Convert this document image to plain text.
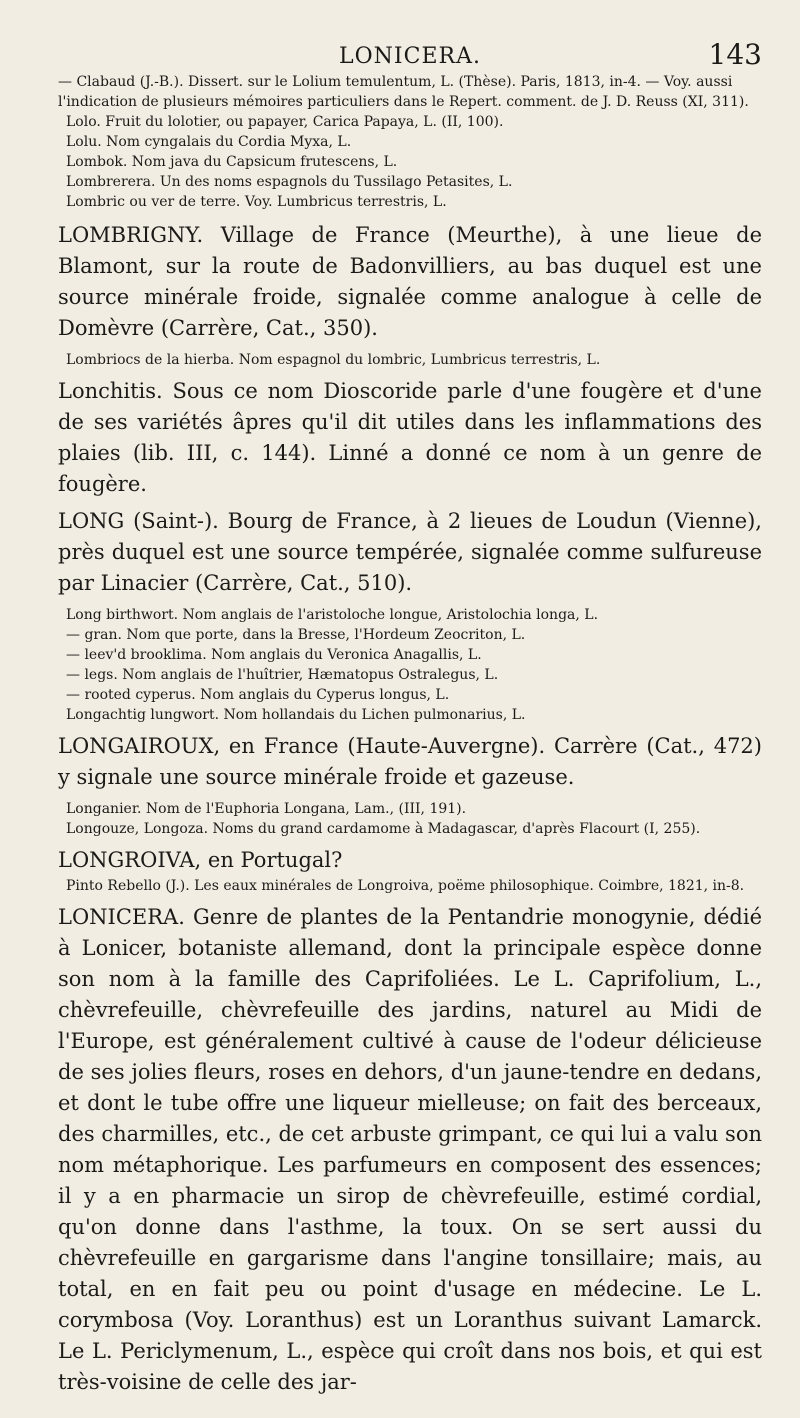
LONICERA.	143

— Clabaud (J.-B.). Dissert. sur le Lolium temulentum, L. (Thèse). Paris, 1813, in-4. — Voy. aussi l'indication de plusieurs mémoires particuliers dans le Repert. comment. de J. D. Reuss (XI, 311).

Lolo. Fruit du lolotier, ou papayer, Carica Papaya, L. (II, 100).

Lolu. Nom cyngalais du Cordia Myxa, L.

Lombok. Nom java du Capsicum frutescens, L.

Lombrerera. Un des noms espagnols du Tussilago Petasites, L.

Lombric ou ver de terre. Voy. Lumbricus terrestris, L.

LOMBRIGNY. Village de France (Meurthe), à une lieue de Blamont, sur la route de Badonvilliers, au bas duquel est une source minérale froide, signalée comme analogue à celle de Domèvre (Carrère, Cat., 350).

Lombriocs de la hierba. Nom espagnol du lombric, Lumbricus terrestris, L.

Lonchitis. Sous ce nom Dioscoride parle d'une fougère et d'une de ses variétés âpres qu'il dit utiles dans les inflammations des plaies (lib. III, c. 144). Linné a donné ce nom à un genre de fougère.

LONG (Saint-). Bourg de France, à 2 lieues de Loudun (Vienne), près duquel est une source tempérée, signalée comme sulfureuse par Linacier (Carrère, Cat., 510).

Long birthwort. Nom anglais de l'aristoloche longue, Aristolochia longa, L.

— gran. Nom que porte, dans la Bresse, l'Hordeum Zeocriton, L.

— leev'd brooklima. Nom anglais du Veronica Anagallis, L.

— legs. Nom anglais de l'huîtrier, Hæmatopus Ostralegus, L.

— rooted cyperus. Nom anglais du Cyperus longus, L.

Longachtig lungwort. Nom hollandais du Lichen pulmonarius, L.

LONGAIROUX, en France (Haute-Auvergne). Carrère (Cat., 472) y signale une source minérale froide et gazeuse.

Longanier. Nom de l'Euphoria Longana, Lam., (III, 191).

Longouze, Longoza. Noms du grand cardamome à Madagascar, d'après Flacourt (I, 255).

LONGROIVA, en Portugal?

Pinto Rebello (J.). Les eaux minérales de Longroiva, poëme philosophique. Coimbre, 1821, in-8.

LONICERA. Genre de plantes de la Pentandrie monogynie, dédié à Lonicer, botaniste allemand, dont la principale espèce donne son nom à la famille des Caprifoliées. Le L. Caprifolium, L., chèvrefeuille, chèvrefeuille des jardins, naturel au Midi de l'Europe, est généralement cultivé à cause de l'odeur délicieuse de ses jolies fleurs, roses en dehors, d'un jaune-tendre en dedans, et dont le tube offre une liqueur mielleuse; on fait des berceaux, des charmilles, etc., de cet arbuste grimpant, ce qui lui a valu son nom métaphorique. Les parfumeurs en composent des essences; il y a en pharmacie un sirop de chèvrefeuille, estimé cordial, qu'on donne dans l'asthme, la toux. On se sert aussi du chèvrefeuille en gargarisme dans l'angine tonsillaire; mais, au total, en en fait peu ou point d'usage en médecine. Le L. corymbosa (Voy. Loranthus) est un Loranthus suivant Lamarck. Le L. Periclymenum, L., espèce qui croît dans nos bois, et qui est très-voisine de celle des jar-
